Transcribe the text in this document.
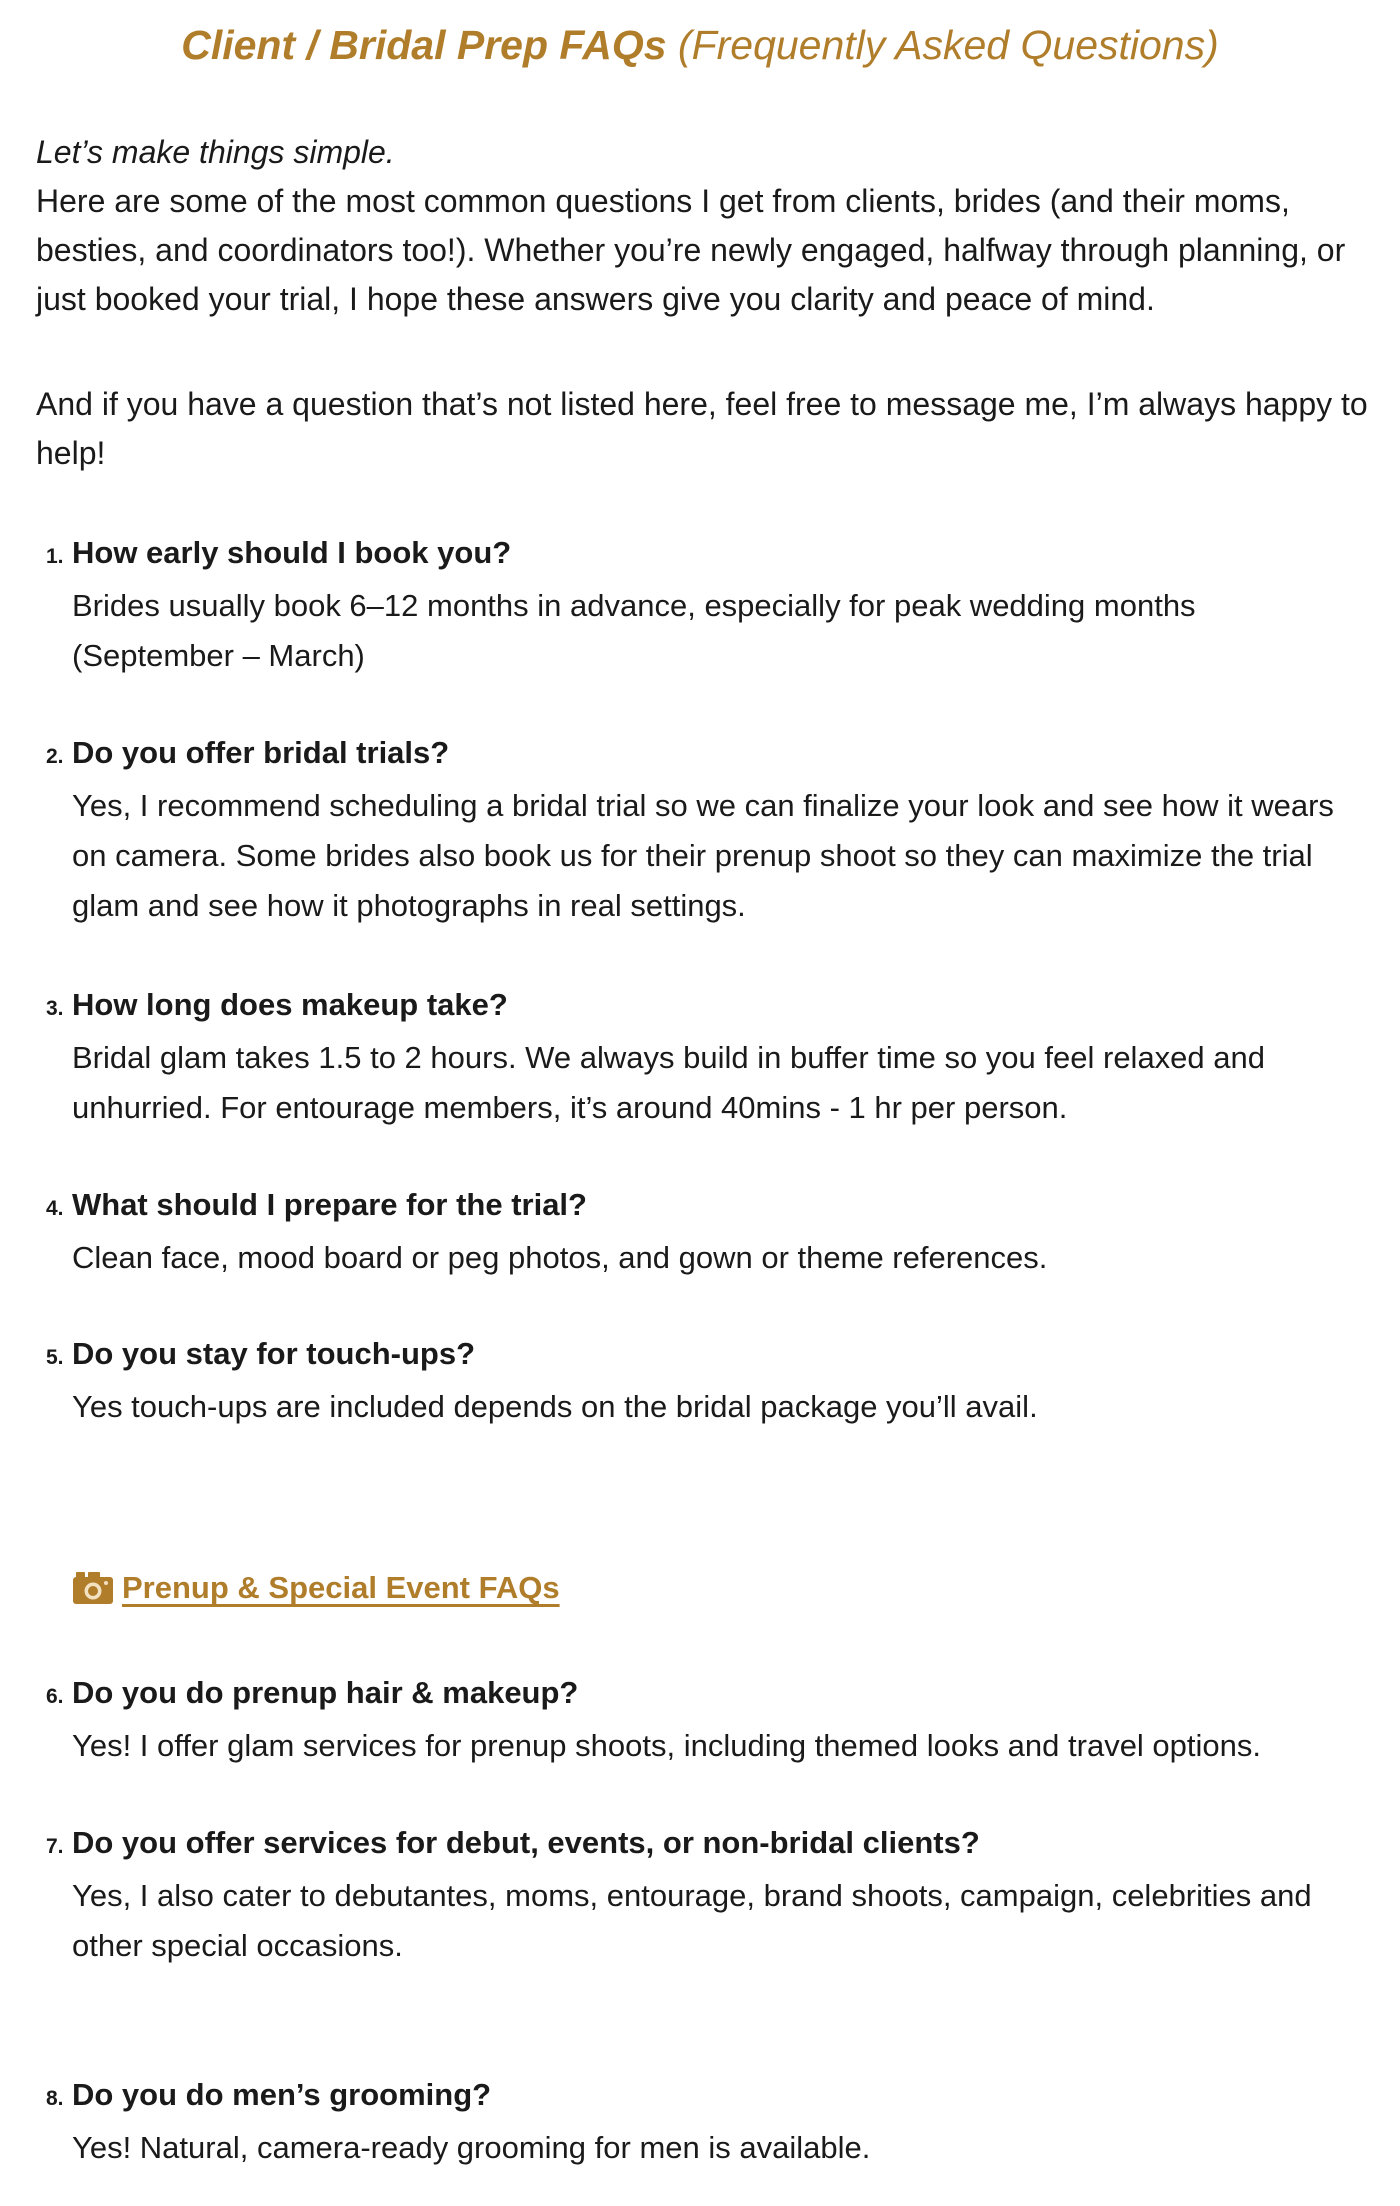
Client / Bridal Prep FAQs (Frequently Asked Questions)
Let’s make things simple.
Here are some of the most common questions I get from clients, brides (and their moms, besties, and coordinators too!). Whether you’re newly engaged, halfway through planning, or just booked your trial, I hope these answers give you clarity and peace of mind.
And if you have a question that’s not listed here, feel free to message me, I’m always happy to help!
1. How early should I book you?
Brides usually book 6–12 months in advance, especially for peak wedding months (September – March)
2. Do you offer bridal trials?
Yes, I recommend scheduling a bridal trial so we can finalize your look and see how it wears on camera. Some brides also book us for their prenup shoot so they can maximize the trial glam and see how it photographs in real settings.
3. How long does makeup take?
Bridal glam takes 1.5 to 2 hours. We always build in buffer time so you feel relaxed and unhurried. For entourage members, it’s around 40mins - 1 hr per person.
4. What should I prepare for the trial?
Clean face, mood board or peg photos, and gown or theme references.
5. Do you stay for touch-ups?
Yes touch-ups are included depends on the bridal package you’ll avail.
Prenup & Special Event FAQs
6. Do you do prenup hair & makeup?
Yes! I offer glam services for prenup shoots, including themed looks and travel options.
7. Do you offer services for debut, events, or non-bridal clients?
Yes, I also cater to debutantes, moms, entourage, brand shoots, campaign, celebrities and other special occasions.
8. Do you do men’s grooming?
Yes! Natural, camera-ready grooming for men is available.
